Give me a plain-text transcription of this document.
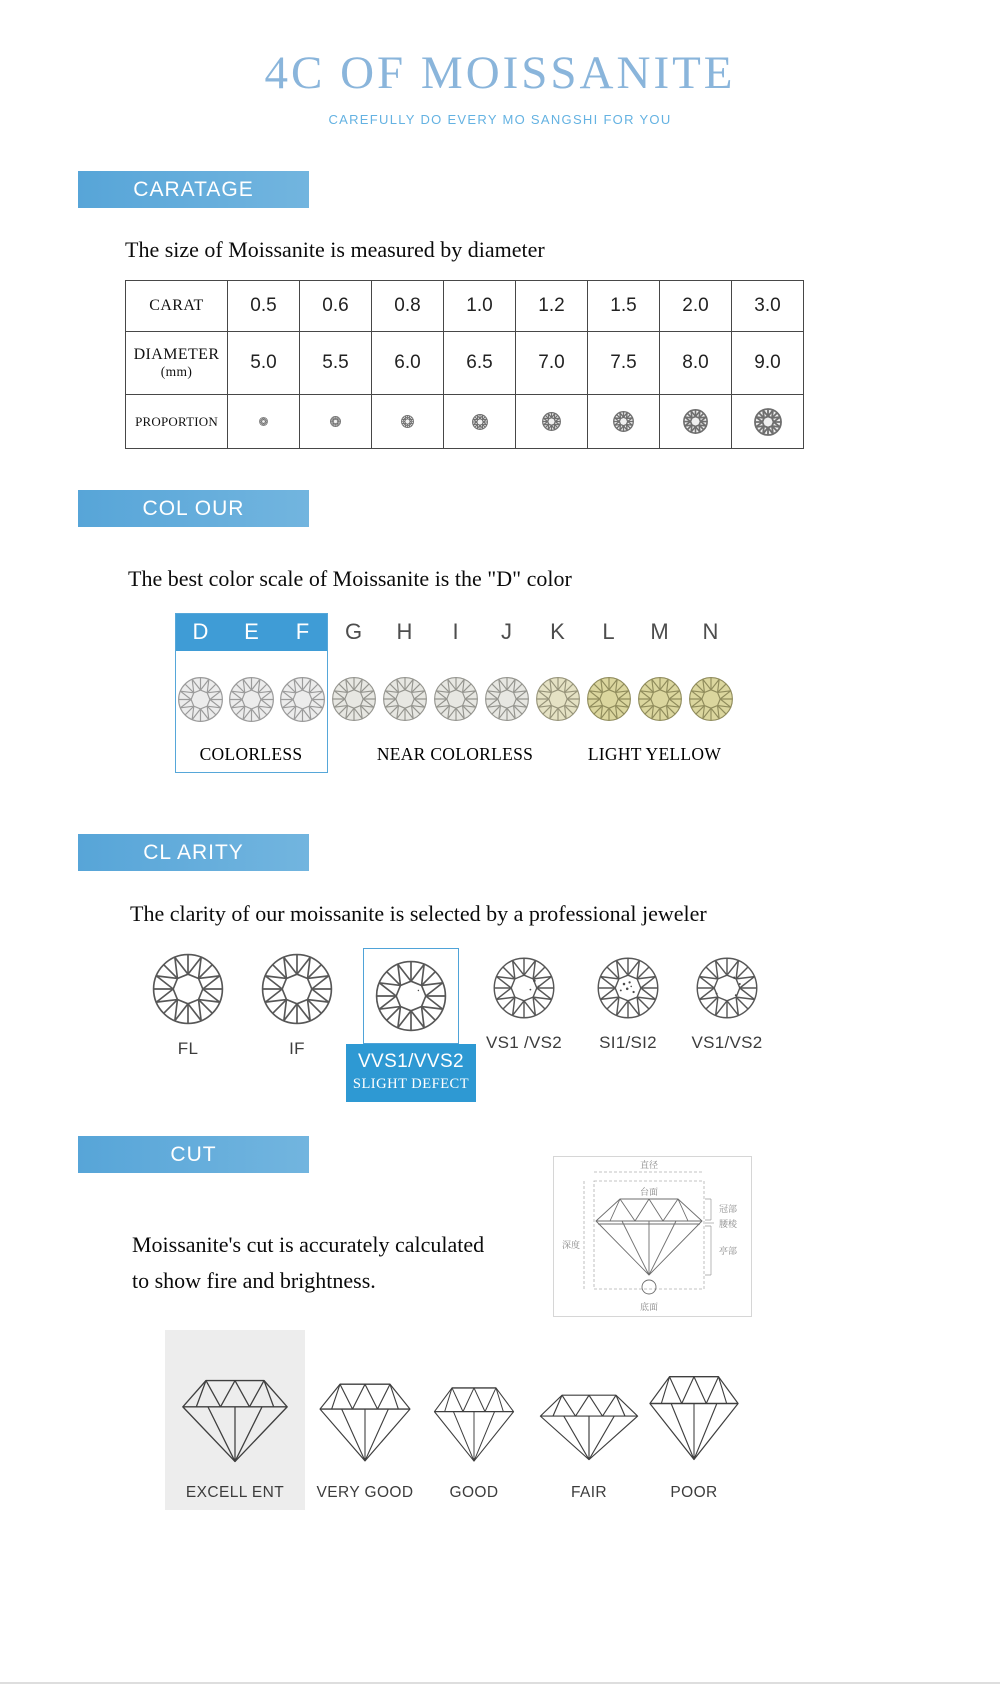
4C OF MOISSANITE
CAREFULLY DO EVERY MO SANGSHI FOR YOU
CARATAGE
The size of Moissanite is measured by diameter
CARAT	0.5	0.6	0.8	1.0	1.2	1.5	2.0	3.0

DIAMETER
(mm)	5.0	5.5	6.0	6.5	7.0	7.5	8.0	9.0
PROPORTION	

COL OUR
The best color scale of Moissanite is the "D" color
D	E	F	G	H	I	J	K	L	M	N
COLORLESS	NEAR COLORLESS	LIGHT YELLOW
CL ARITY
The clarity of our moissanite is selected by a professional jeweler
FL	IF
VVS1/VVS2
SLIGHT DEFECT
VS1 /VS2 SI1/SI2 VS1/VS2
CUT	直径
台面
深度
冠部
腰棱
亭部
底面
Moissanite's cut is accurately calculated
to show fire and brightness.
EXCELL ENT	VERY GOOD	GOOD	FAIR	POOR
